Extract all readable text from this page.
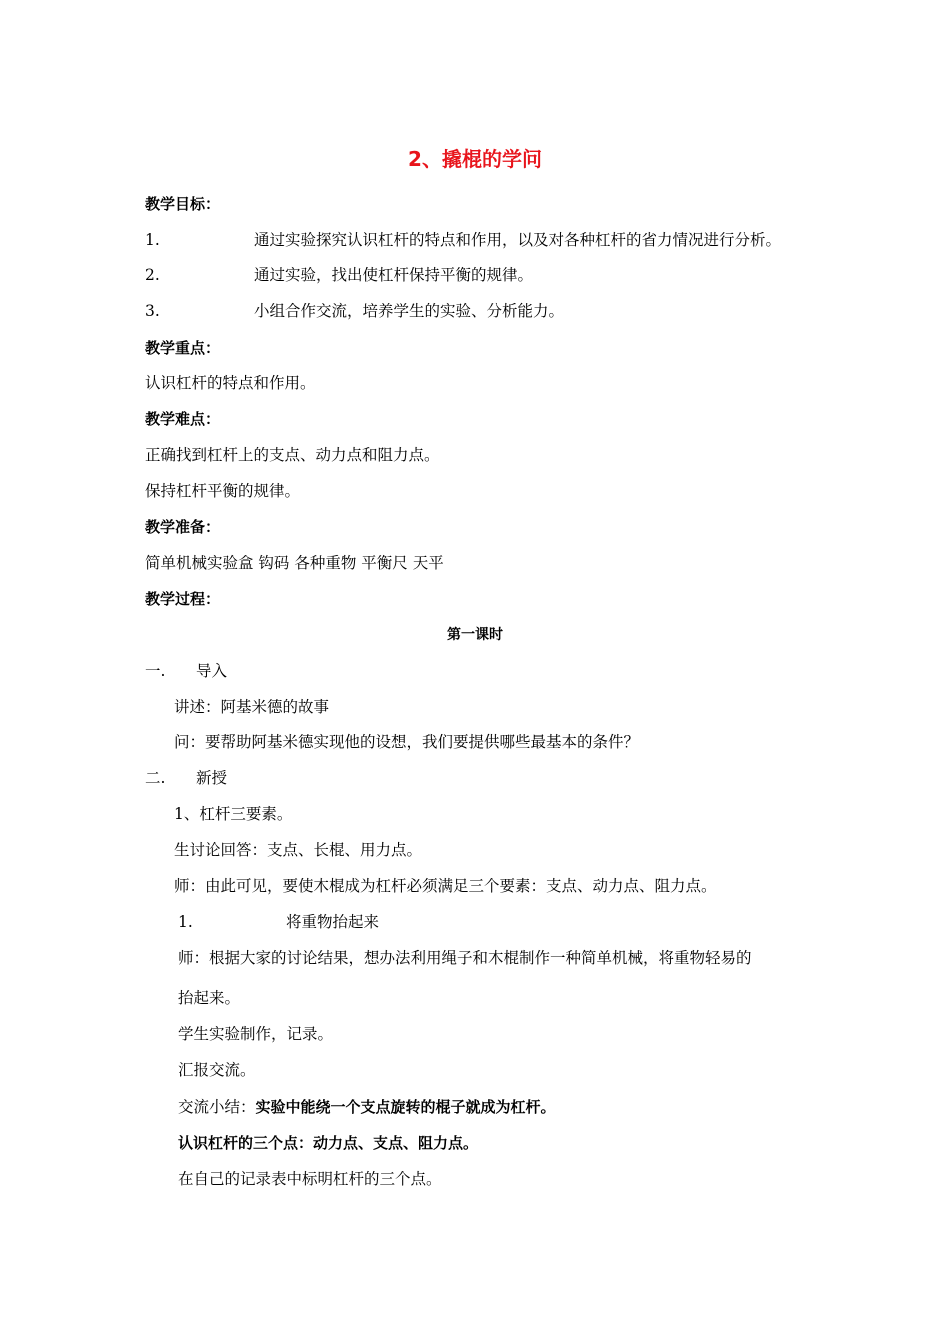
2、撬棍的学问
教学目标：
1.	通过实验探究认识杠杆的特点和作用，以及对各种杠杆的省力情况进行分析。
2.	通过实验，找出使杠杆保持平衡的规律。
3.	小组合作交流，培养学生的实验、分析能力。
教学重点：
认识杠杆的特点和作用。
教学难点：
正确找到杠杆上的支点、动力点和阻力点。
保持杠杆平衡的规律。
教学准备：
简单机械实验盒 钩码 各种重物 平衡尺 天平
教学过程：
第一课时
一. 导入
讲述：阿基米德的故事
问：要帮助阿基米德实现他的设想，我们要提供哪些最基本的条件？
二. 新授
1、杠杆三要素。
生讨论回答：支点、长棍、用力点。
师：由此可见，要使木棍成为杠杆必须满足三个要素：支点、动力点、阻力点。
1.	将重物抬起来
师：根据大家的讨论结果，想办法利用绳子和木棍制作一种简单机械，将重物轻易的
抬起来。
学生实验制作，记录。
汇报交流。
交流小结：实验中能绕一个支点旋转的棍子就成为杠杆。
认识杠杆的三个点：动力点、支点、阻力点。
在自己的记录表中标明杠杆的三个点。
